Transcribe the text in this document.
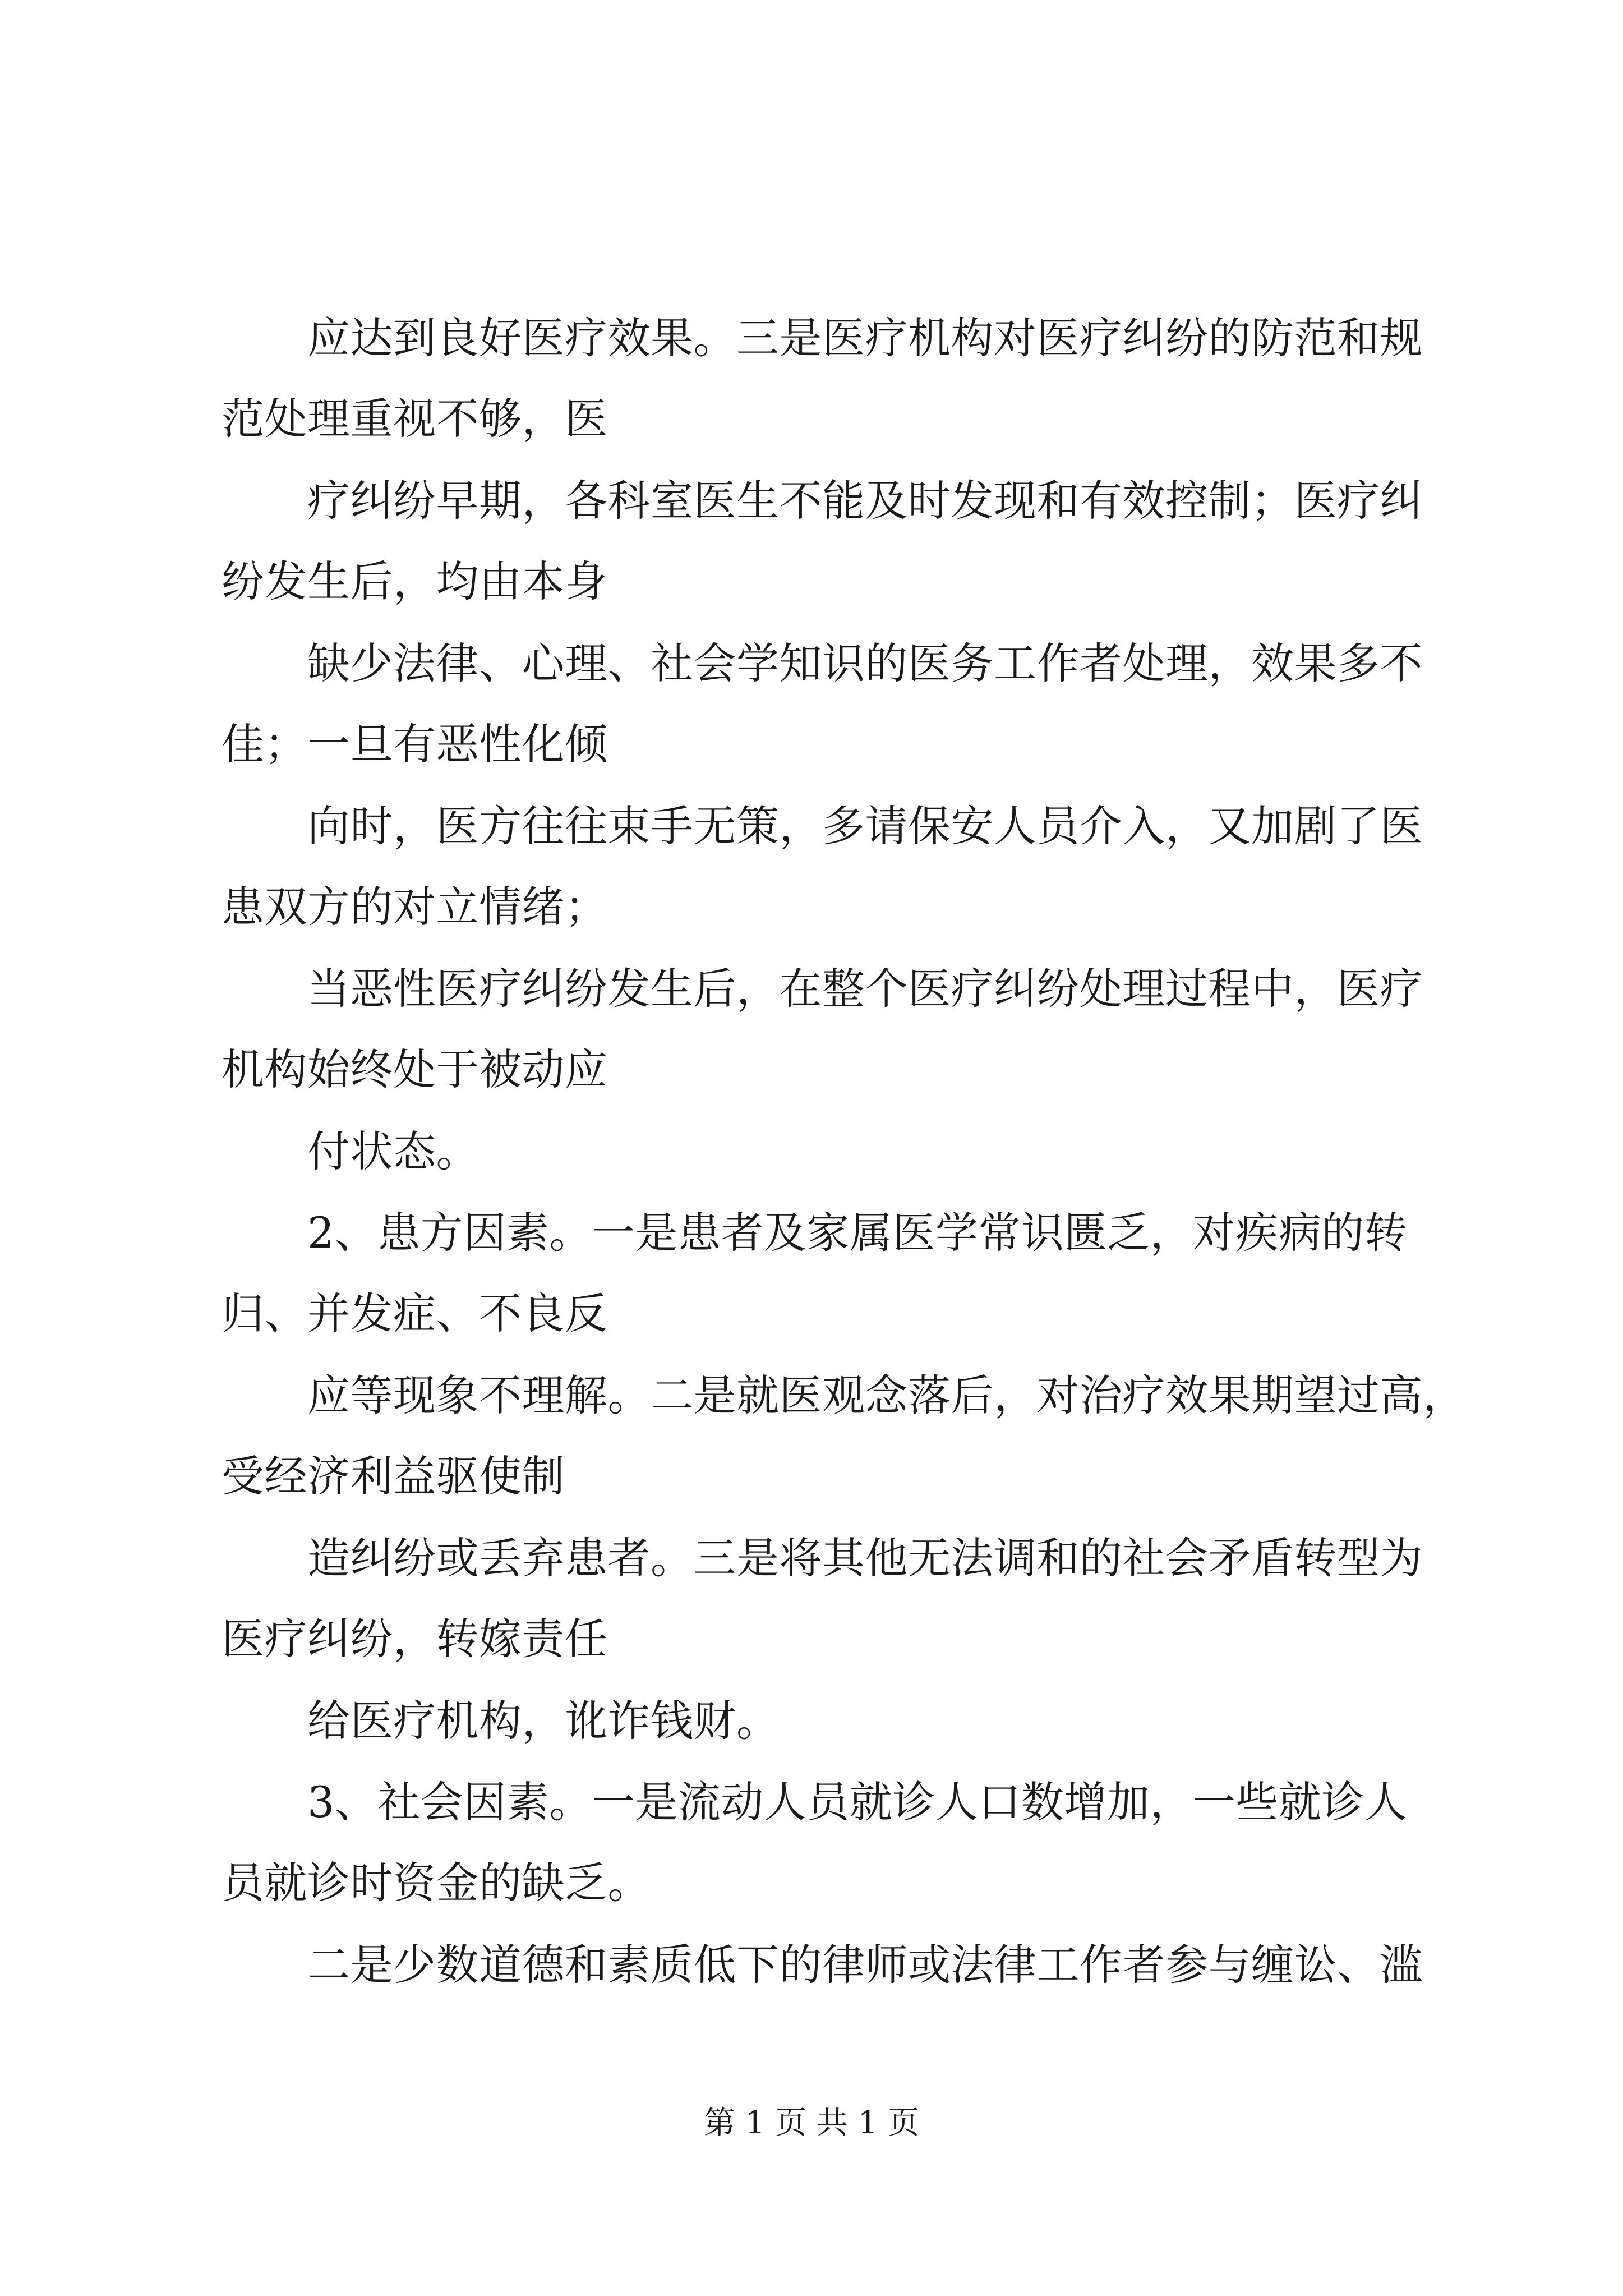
应达到良好医疗效果。三是医疗机构对医疗纠纷的防范和规
范处理重视不够，医
疗纠纷早期，各科室医生不能及时发现和有效控制；医疗纠
纷发生后，均由本身
缺少法律、心理、社会学知识的医务工作者处理，效果多不
佳；一旦有恶性化倾
向时，医方往往束手无策，多请保安人员介入，又加剧了医
患双方的对立情绪；
当恶性医疗纠纷发生后，在整个医疗纠纷处理过程中，医疗
机构始终处于被动应
付状态。
2、患方因素。一是患者及家属医学常识匮乏，对疾病的转
归、并发症、不良反
应等现象不理解。二是就医观念落后，对治疗效果期望过高，
受经济利益驱使制
造纠纷或丢弃患者。三是将其他无法调和的社会矛盾转型为
医疗纠纷，转嫁责任
给医疗机构，讹诈钱财。
3、社会因素。一是流动人员就诊人口数增加，一些就诊人
员就诊时资金的缺乏。
二是少数道德和素质低下的律师或法律工作者参与缠讼、滥
第 1 页 共 1 页
